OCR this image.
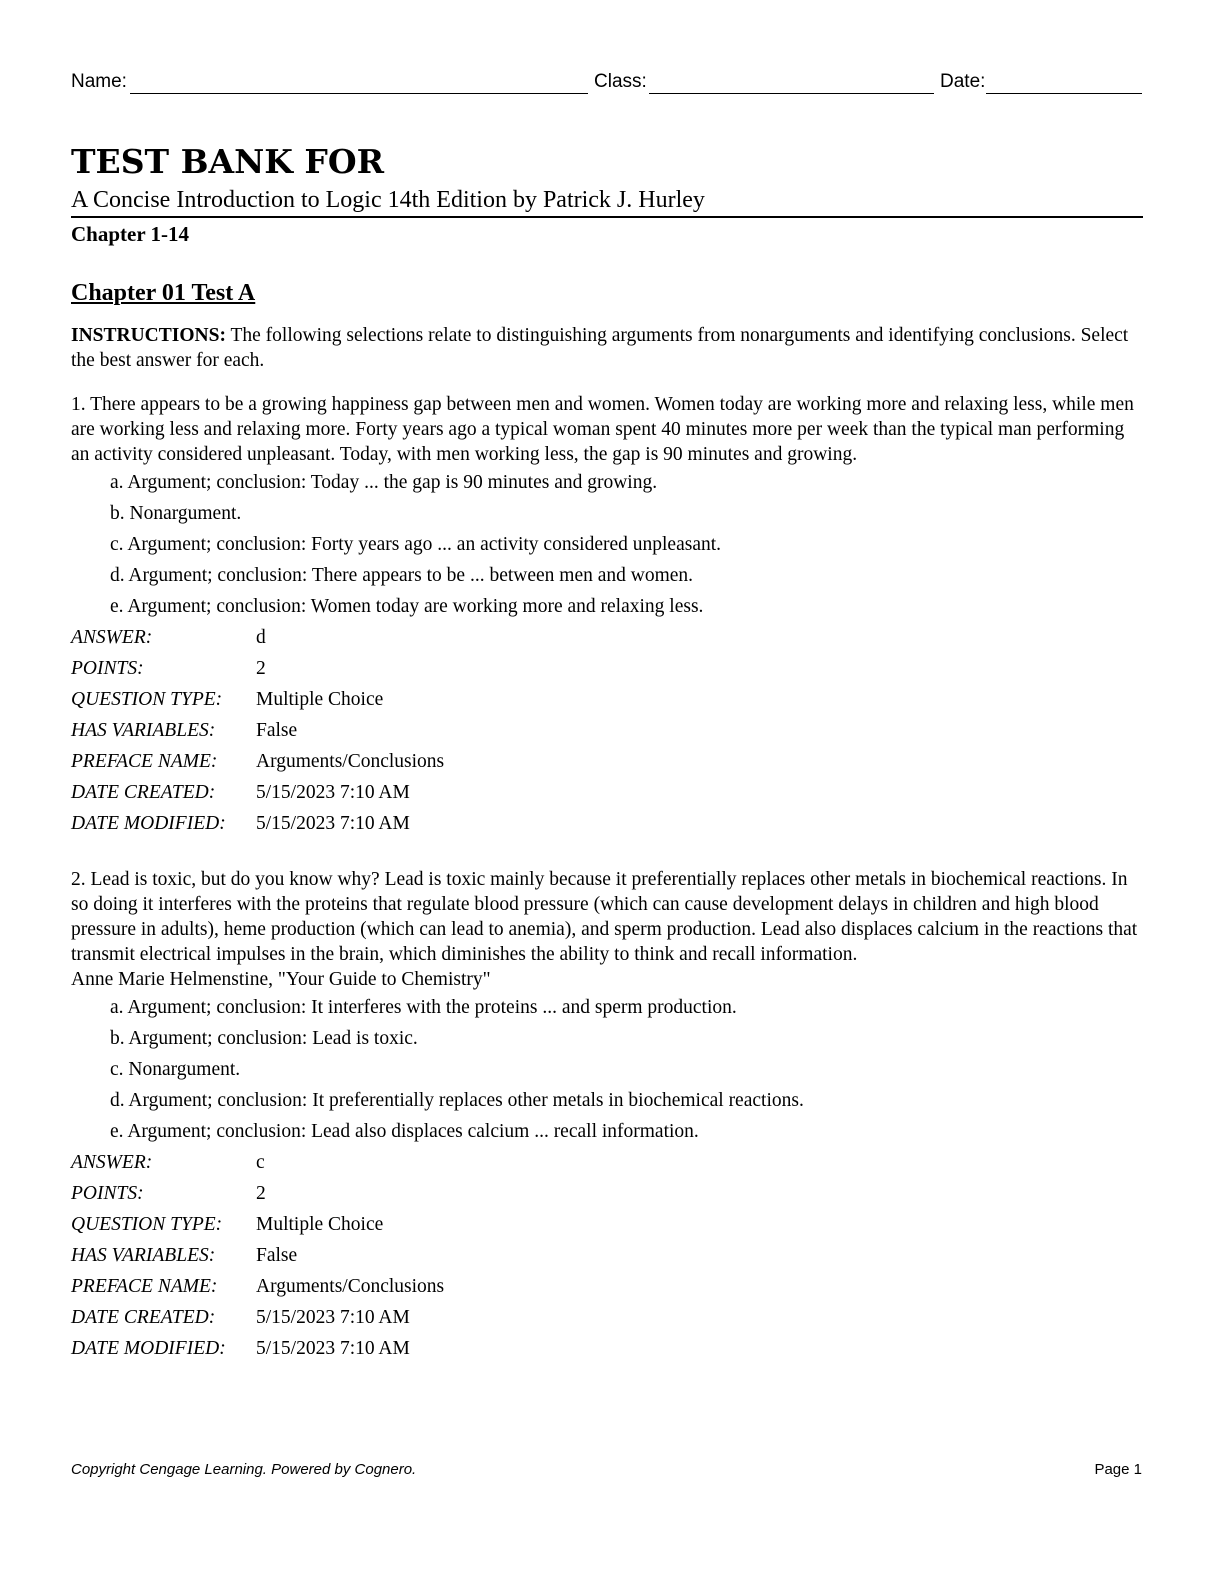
Name:	Class:	Date:
TEST BANK FOR
A Concise Introduction to Logic 14th Edition by Patrick J. Hurley
Chapter 1-14
Chapter 01 Test A

INSTRUCTIONS: The following selections relate to distinguishing arguments from nonarguments and identifying conclusions. Select the best answer for each.

1. There appears to be a growing happiness gap between men and women. Women today are working more and relaxing less, while men are working less and relaxing more. Forty years ago a typical woman spent 40 minutes more per week than the typical man performing an activity considered unpleasant. Today, with men working less, the gap is 90 minutes and growing.

a. Argument; conclusion: Today ... the gap is 90 minutes and growing.
b. Nonargument.
c. Argument; conclusion: Forty years ago ... an activity considered unpleasant.
d. Argument; conclusion: There appears to be ... between men and women.
e. Argument; conclusion: Women today are working more and relaxing less.
ANSWER:	d
POINTS:	2
QUESTION TYPE:	Multiple Choice
HAS VARIABLES:	False
PREFACE NAME:	Arguments/Conclusions
DATE CREATED:	5/15/2023 7:10 AM
DATE MODIFIED:	5/15/2023 7:10 AM

2. Lead is toxic, but do you know why? Lead is toxic mainly because it preferentially replaces other metals in biochemical reactions. In so doing it interferes with the proteins that regulate blood pressure (which can cause development delays in children and high blood pressure in adults), heme production (which can lead to anemia), and sperm production. Lead also displaces calcium in the reactions that transmit electrical impulses in the brain, which diminishes the ability to think and recall information.

Anne Marie Helmenstine, "Your Guide to Chemistry"

a. Argument; conclusion: It interferes with the proteins ... and sperm production.
b. Argument; conclusion: Lead is toxic.
c. Nonargument.
d. Argument; conclusion: It preferentially replaces other metals in biochemical reactions.
e. Argument; conclusion: Lead also displaces calcium ... recall information.
ANSWER:	c
POINTS:	2
QUESTION TYPE:	Multiple Choice
HAS VARIABLES:	False
PREFACE NAME:	Arguments/Conclusions
DATE CREATED:	5/15/2023 7:10 AM
DATE MODIFIED:	5/15/2023 7:10 AM
Copyright Cengage Learning. Powered by Cognero.	Page 1
